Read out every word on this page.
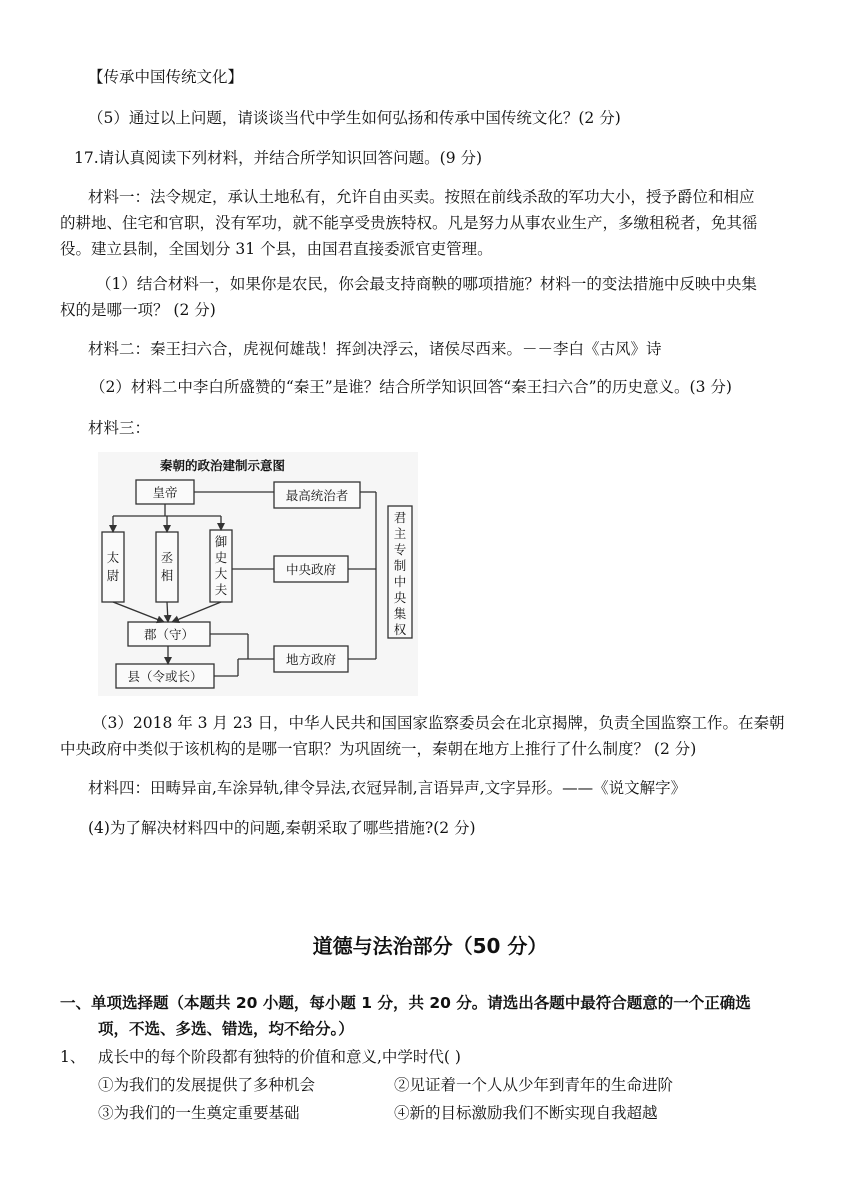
【传承中国传统文化】
（5）通过以上问题，请谈谈当代中学生如何弘扬和传承中国传统文化？(2 分)
17.请认真阅读下列材料，并结合所学知识回答问题。(9 分)
材料一：法令规定，承认土地私有，允许自由买卖。按照在前线杀敌的军功大小，授予爵位和相应
的耕地、住宅和官职，没有军功，就不能享受贵族特权。凡是努力从事农业生产，多缴租税者，免其徭
役。建立县制，全国划分 31 个县，由国君直接委派官吏管理。
（1）结合材料一，如果你是农民，你会最支持商鞅的哪项措施？材料一的变法措施中反映中央集
权的是哪一项？ (2 分)
材料二：秦王扫六合，虎视何雄哉！挥剑决浮云，诸侯尽西来。－－李白《古风》诗
（2）材料二中李白所盛赞的“秦王”是谁？结合所学知识回答“秦王扫六合”的历史意义。(3 分)
材料三：
秦朝的政治建制示意图
皇帝	最高统治者
中央政府
郡（守）
地方政府
县（令或长）
太
尉
丞
相
御
史
大
夫
君
主
专
制
中
央
集
权
（3）2018 年 3 月 23 日，中华人民共和国国家监察委员会在北京揭牌，负责全国监察工作。在秦朝
中央政府中类似于该机构的是哪一官职？为巩固统一，秦朝在地方上推行了什么制度？ (2 分)
材料四：田畴异亩,车涂异轨,律令异法,衣冠异制,言语异声,文字异形。——《说文解字》
(4)为了解决材料四中的问题,秦朝采取了哪些措施?(2 分)
道德与法治部分（50 分）
一、单项选择题（本题共 20 小题，每小题 1 分，共 20 分。请选出各题中最符合题意的一个正确选
项，不选、多选、错选，均不给分。）
1、 成长中的每个阶段都有独特的价值和意义,中学时代( )
①为我们的发展提供了多种机会	②见证着一个人从少年到青年的生命进阶
③为我们的一生奠定重要基础	④新的目标激励我们不断实现自我超越
